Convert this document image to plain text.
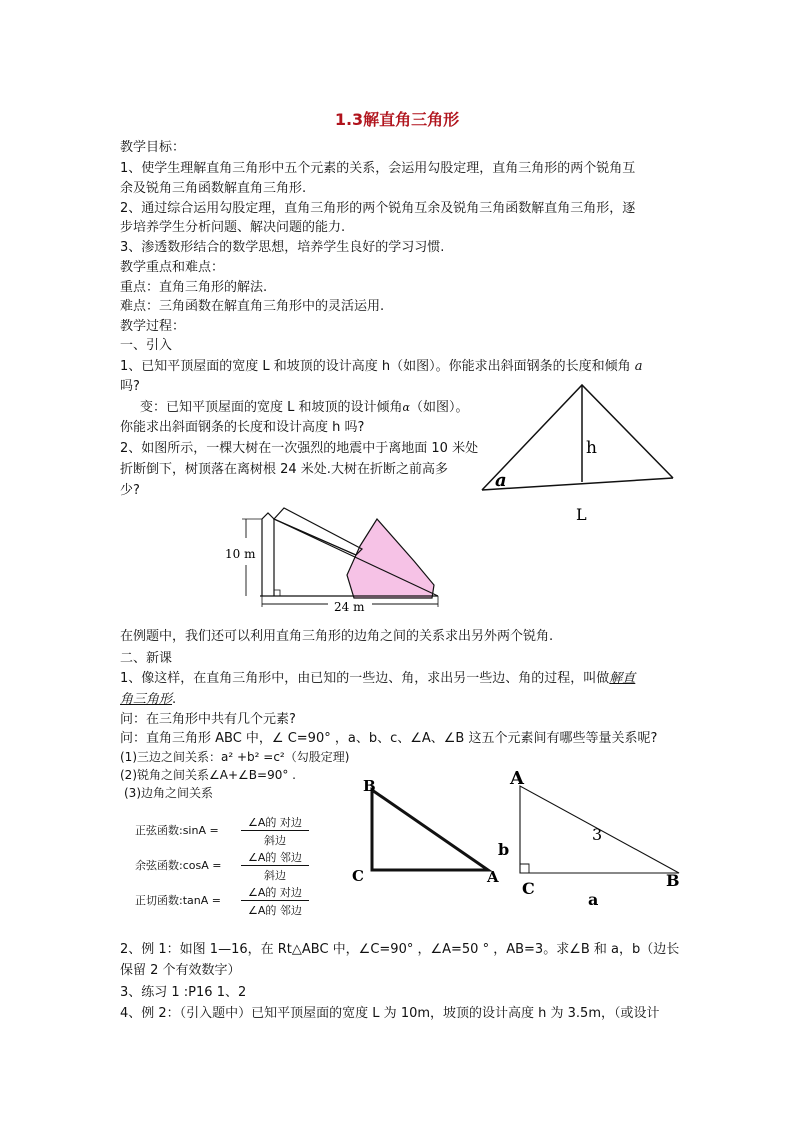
1.3解直角三角形
教学目标：
1、使学生理解直角三角形中五个元素的关系，会运用勾股定理，直角三角形的两个锐角互
余及锐角三角函数解直角三角形.
2、通过综合运用勾股定理，直角三角形的两个锐角互余及锐角三角函数解直角三角形，逐
步培养学生分析问题、解决问题的能力.
3、渗透数形结合的数学思想，培养学生良好的学习习惯.
教学重点和难点：
重点：直角三角形的解法.
难点：三角函数在解直角三角形中的灵活运用.
教学过程：
一、引入
1、已知平顶屋面的宽度 L 和坡顶的设计高度 h（如图）。你能求出斜面钢条的长度和倾角 a
吗?
变：已知平顶屋面的宽度 L 和坡顶的设计倾角α（如图）。
你能求出斜面钢条的长度和设计高度 h 吗?
2、如图所示，一棵大树在一次强烈的地震中于离地面 10 米处
折断倒下，树顶落在离树根 24 米处.大树在折断之前高多
少?
h
a
L
10 m
24 m
在例题中，我们还可以利用直角三角形的边角之间的关系求出另外两个锐角.
二、新课
1、像这样，在直角三角形中，由已知的一些边、角，求出另一些边、角的过程，叫做解直
角三角形.
问：在三角形中共有几个元素?
问：直角三角形 ABC 中，∠ C=90° ，a、b、c、∠A、∠B 这五个元素间有哪些等量关系呢?
(1)三边之间关系：a² +b² =c²（勾股定理)
(2)锐角之间关系∠A+∠B=90° .
(3)边角之间关系
正弦函数:sinA =
∠A的 对边
斜边
余弦函数:cosA =
∠A的 邻边
斜边
正切函数:tanA =
∠A的 对边
∠A的 邻边
B
C	A
A
b
3
C	B
a
2、例 1：如图 1—16，在 Rt△ABC 中，∠C=90° ，∠A=50 ° ，AB=3。求∠B 和 a，b（边长
保留 2 个有效数字）
3、练习 1 :P16 1、2
4、例 2：（引入题中）已知平顶屋面的宽度 L 为 10m，坡顶的设计高度 h 为 3.5m，（或设计
